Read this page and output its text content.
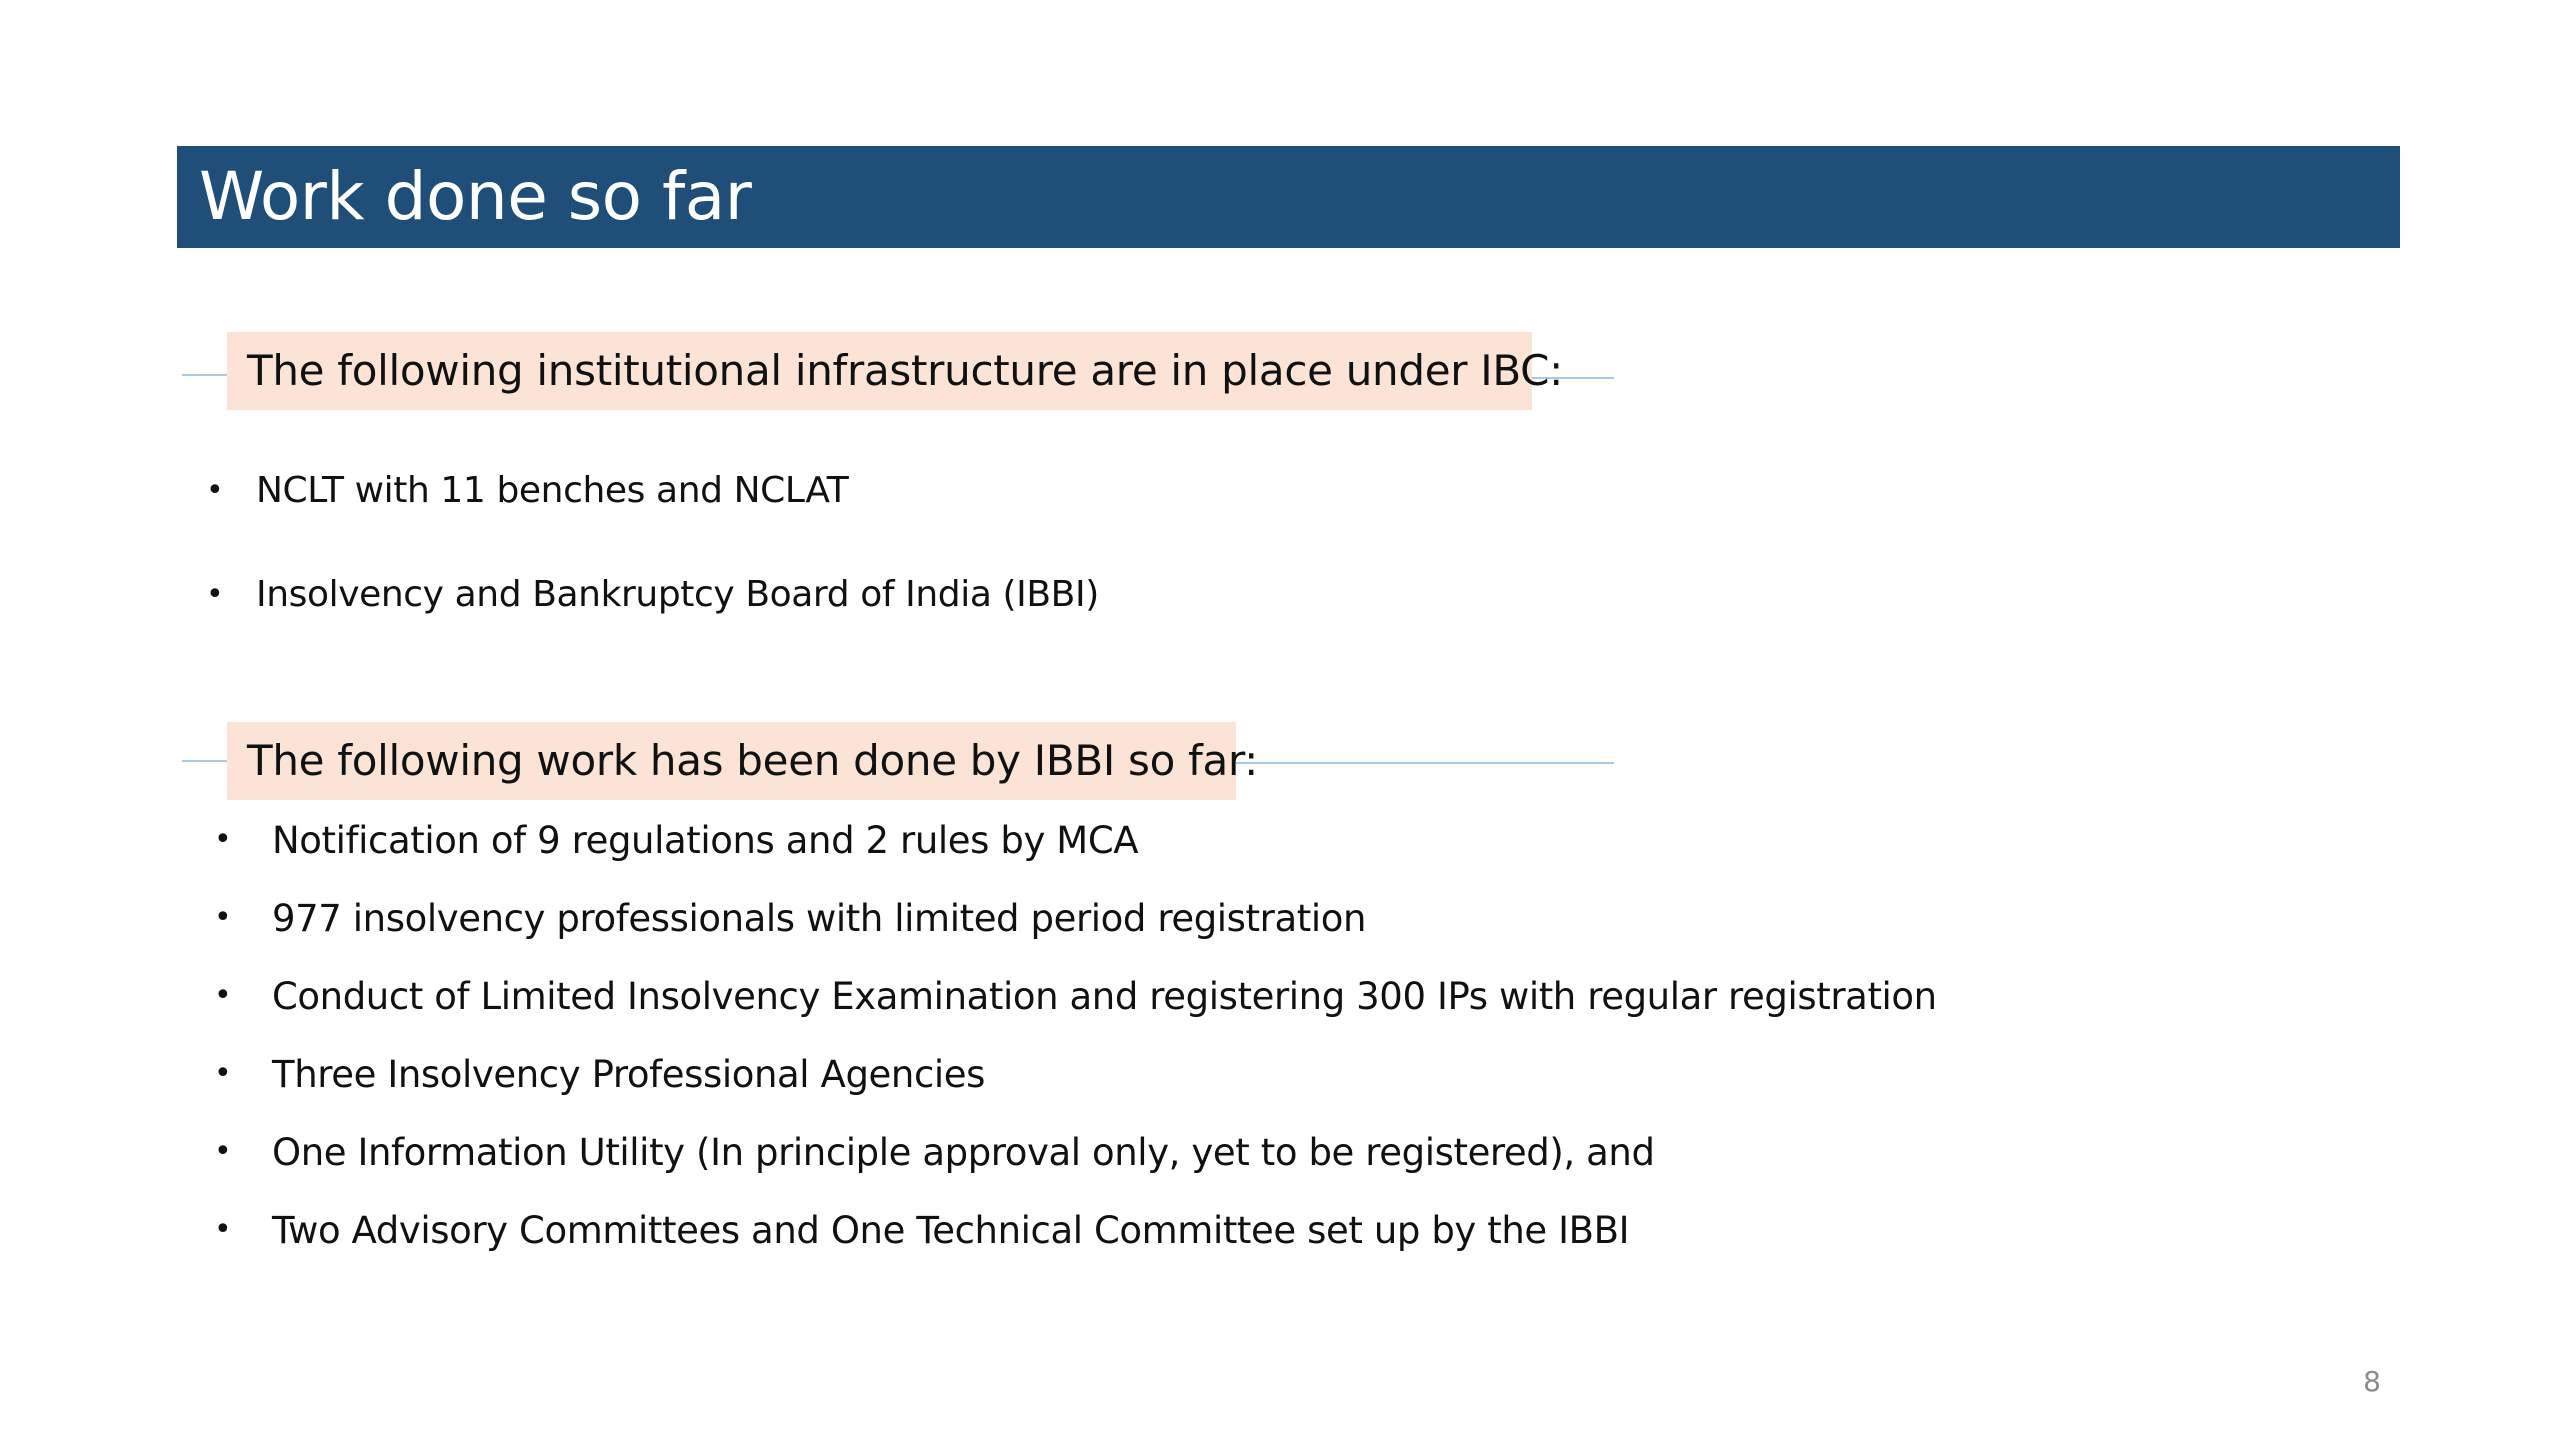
Work done so far
The following institutional infrastructure are in place under IBC:
• NCLT with 11 benches and NCLAT
• Insolvency and Bankruptcy Board of India (IBBI)
The following work has been done by IBBI so far:
• Notification of 9 regulations and 2 rules by MCA
• 977 insolvency professionals with limited period registration
• Conduct of Limited Insolvency Examination and registering 300 IPs with regular registration
• Three Insolvency Professional Agencies
• One Information Utility (In principle approval only, yet to be registered), and
• Two Advisory Committees and One Technical Committee set up by the IBBI
8
